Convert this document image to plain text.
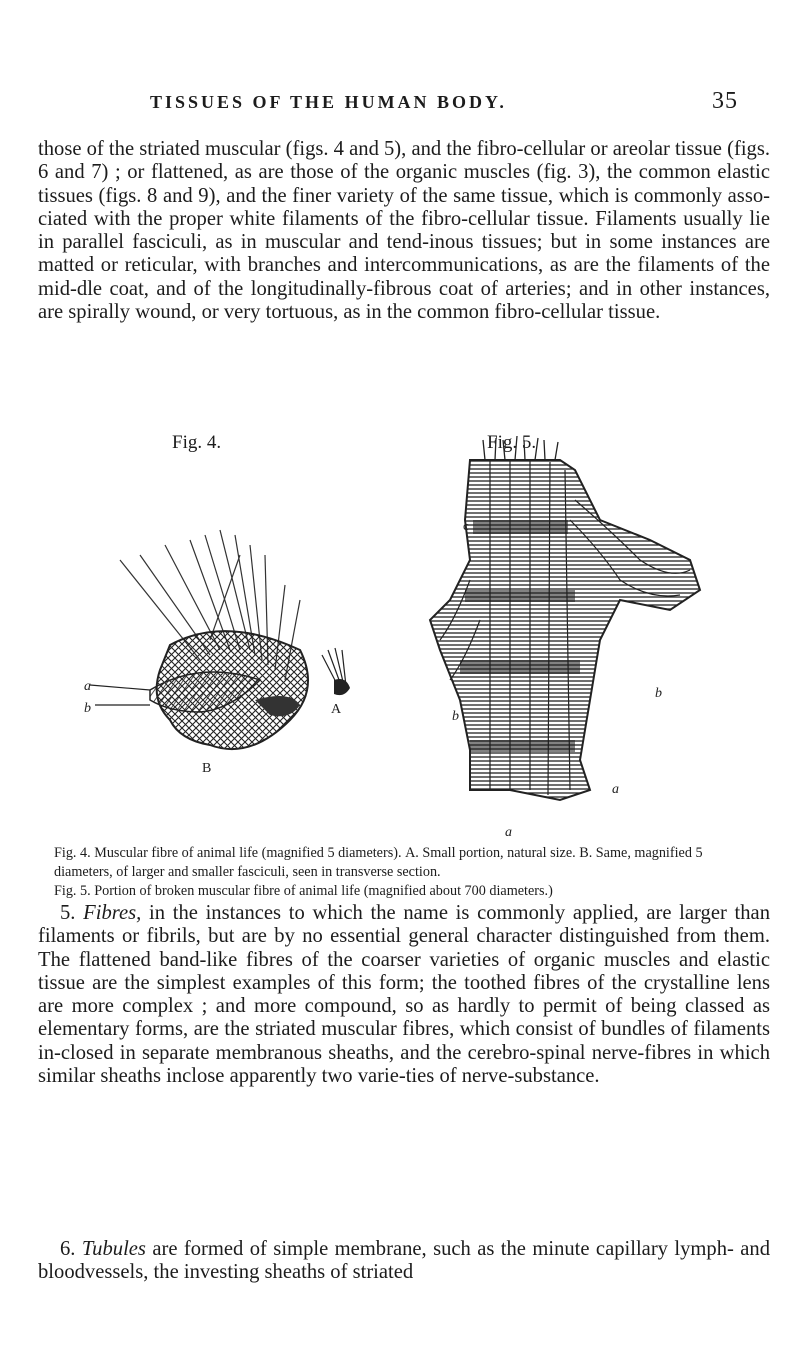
TISSUES OF THE HUMAN BODY.	35

those of the striated muscular (figs. 4 and 5), and the fibro-cellular or areolar tissue (figs. 6 and 7) ; or flattened, as are those of the organic muscles (fig. 3), the common elastic tissues (figs. 8 and 9), and the finer variety of the same tissue, which is commonly asso-ciated with the proper white filaments of the fibro-cellular tissue. Filaments usually lie in parallel fasciculi, as in muscular and tend-inous tissues; but in some instances are matted or reticular, with branches and intercommunications, as are the filaments of the mid-dle coat, and of the longitudinally-fibrous coat of arteries; and in other instances, are spirally wound, or very tortuous, as in the common fibro-cellular tissue.

Fig. 4.	Fig. 5.
a
b
B
A
c
b
b
a
a
Fig. 4. Muscular fibre of animal life (magnified 5 diameters). A. Small portion, natural size. B. Same, magnified 5 diameters, of larger and smaller fasciculi, seen in transverse section.
Fig. 5. Portion of broken muscular fibre of animal life (magnified about 700 diameters.)

5. Fibres, in the instances to which the name is commonly applied, are larger than filaments or fibrils, but are by no essential general character distinguished from them. The flattened band-like fibres of the coarser varieties of organic muscles and elastic tissue are the simplest examples of this form; the toothed fibres of the crystalline lens are more complex ; and more compound, so as hardly to permit of being classed as elementary forms, are the striated muscular fibres, which consist of bundles of filaments in-closed in separate membranous sheaths, and the cerebro-spinal nerve-fibres in which similar sheaths inclose apparently two varie-ties of nerve-substance.

6. Tubules are formed of simple membrane, such as the minute capillary lymph- and bloodvessels, the investing sheaths of striated
